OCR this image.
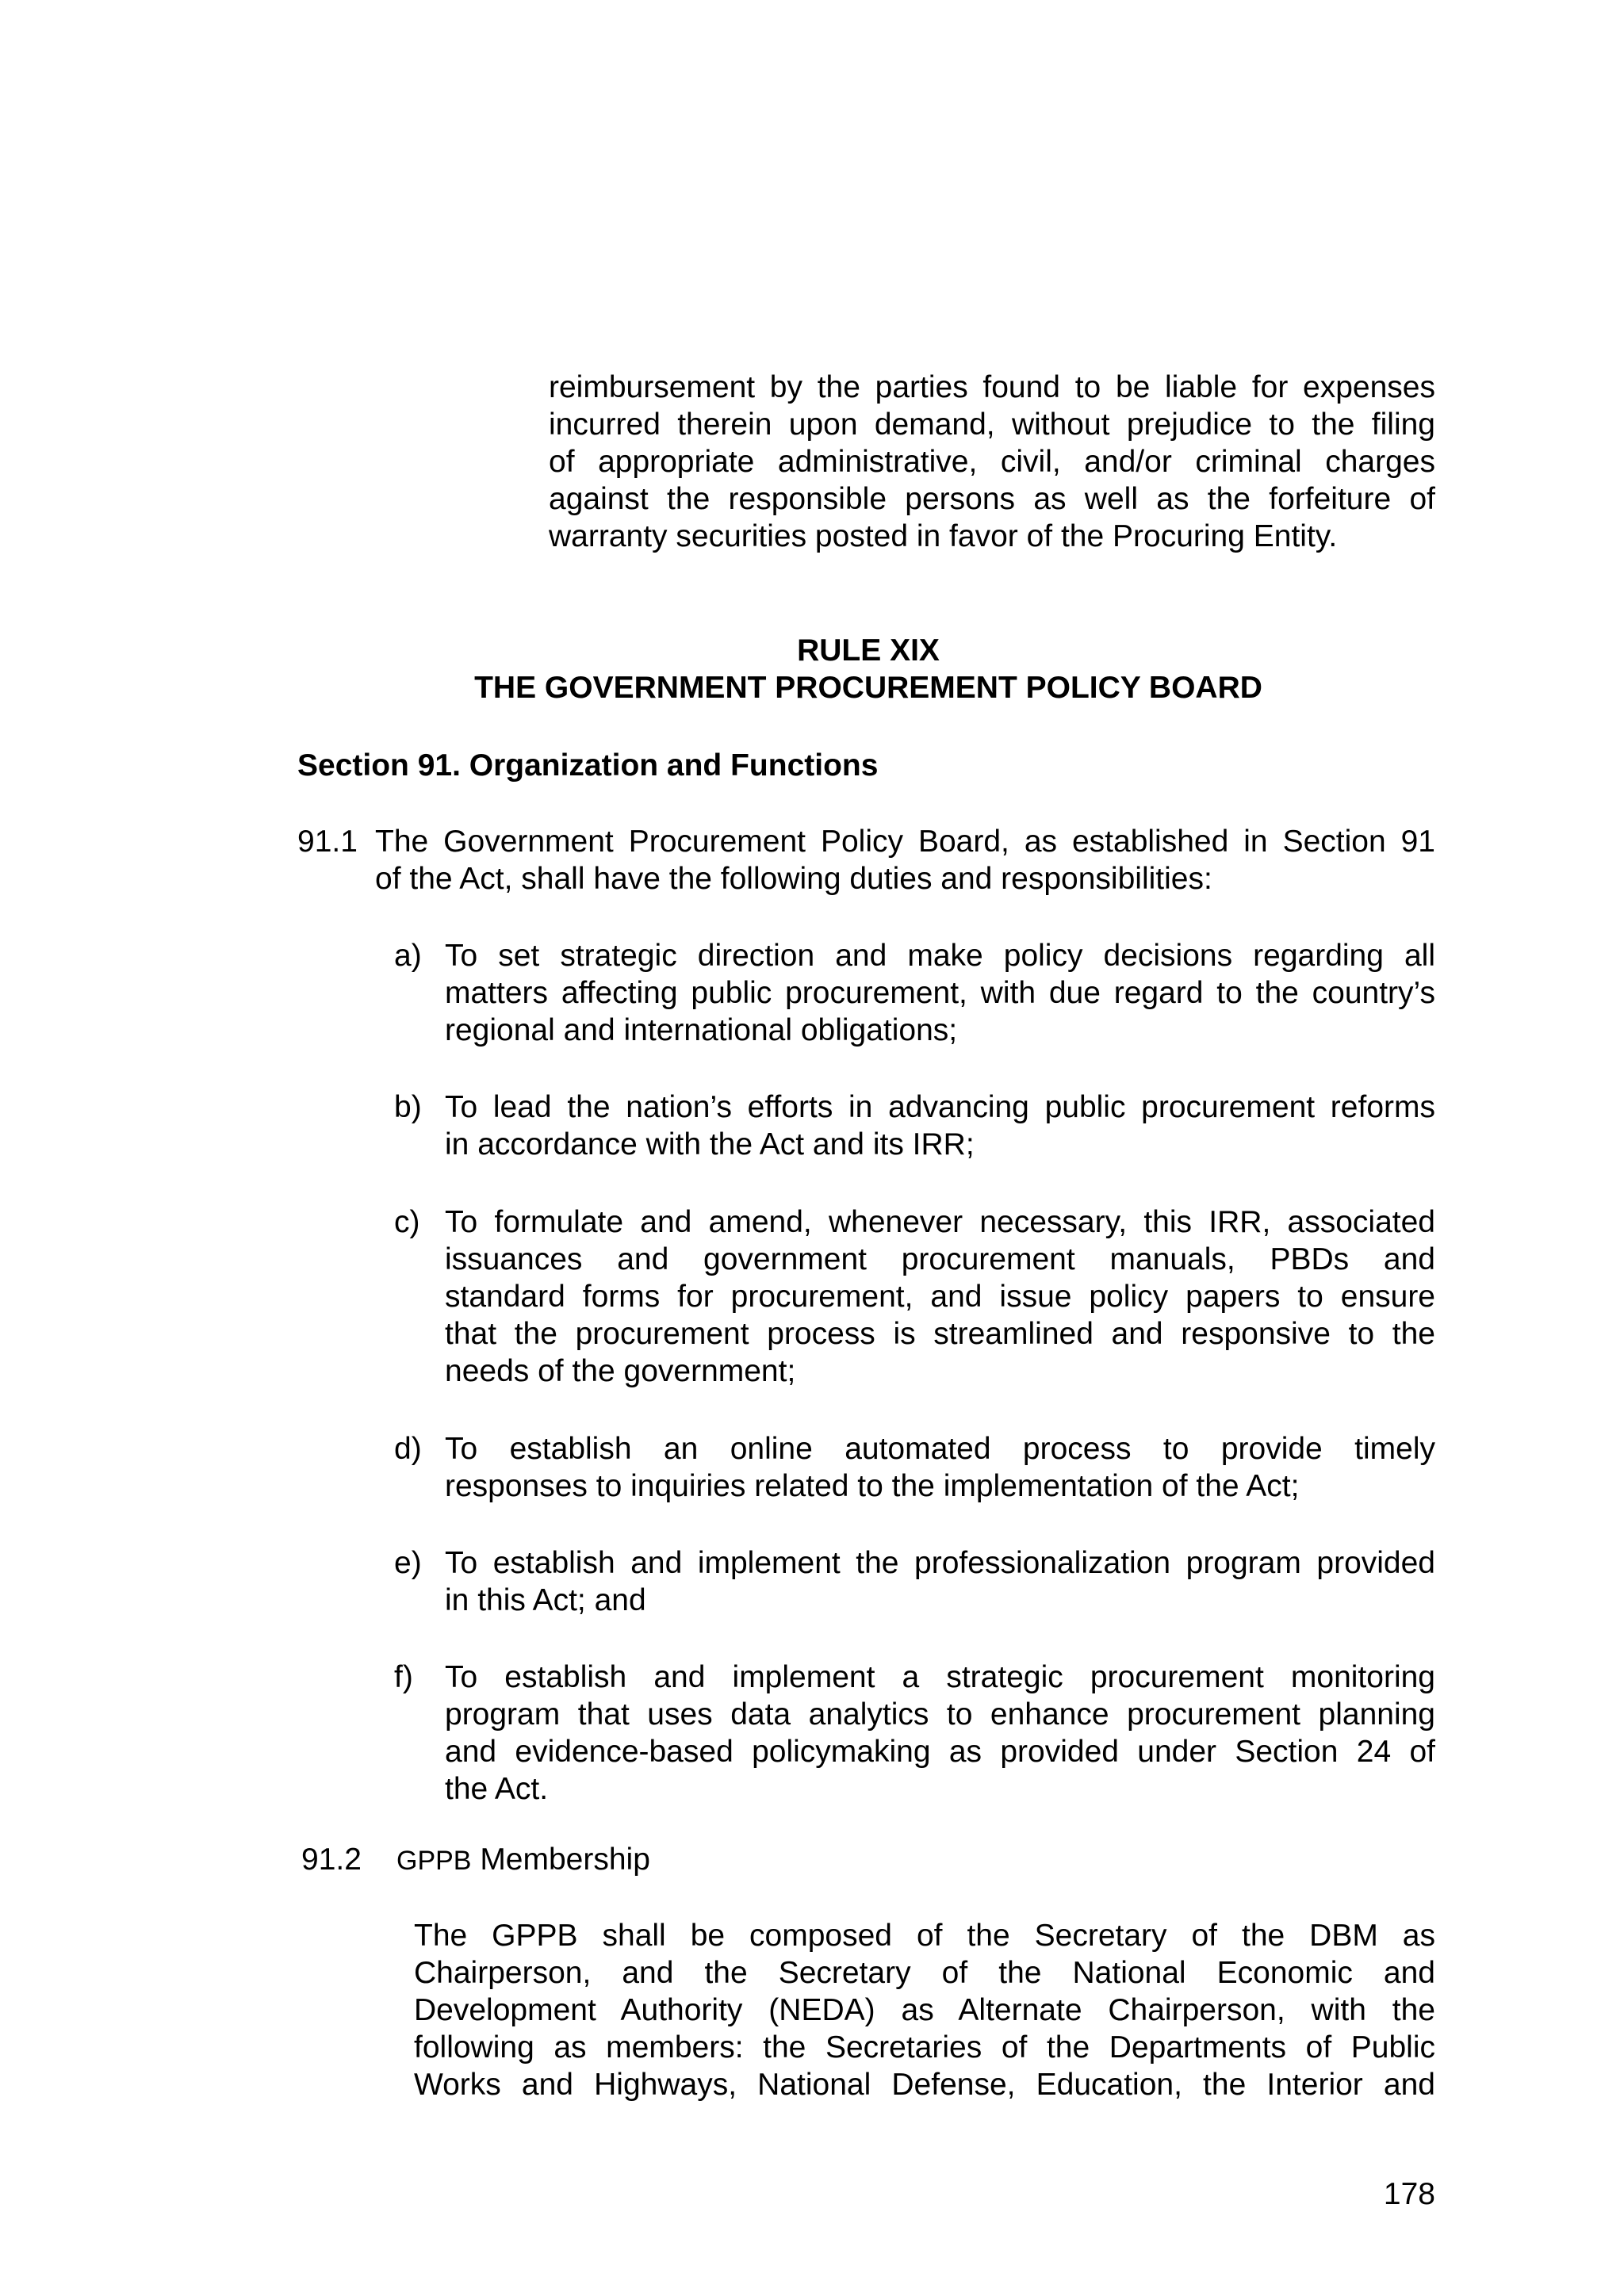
reimbursement by the parties found to be liable for expenses
incurred therein upon demand, without prejudice to the filing
of appropriate administrative, civil, and/or criminal charges
against the responsible persons as well as the forfeiture of
warranty securities posted in favor of the Procuring Entity.
RULE XIX
THE GOVERNMENT PROCUREMENT POLICY BOARD
Section 91. Organization and Functions
91.1 The Government Procurement Policy Board, as established in Section 91
of the Act, shall have the following duties and responsibilities:
a) To set strategic direction and make policy decisions regarding all
matters affecting public procurement, with due regard to the country’s
regional and international obligations;
b) To lead the nation’s efforts in advancing public procurement reforms
in accordance with the Act and its IRR;
c) To formulate and amend, whenever necessary, this IRR, associated
issuances and government procurement manuals, PBDs and
standard forms for procurement, and issue policy papers to ensure
that the procurement process is streamlined and responsive to the
needs of the government;
d) To establish an online automated process to provide timely
responses to inquiries related to the implementation of the Act;
e) To establish and implement the professionalization program provided
in this Act; and
f) To establish and implement a strategic procurement monitoring
program that uses data analytics to enhance procurement planning
and evidence-based policymaking as provided under Section 24 of
the Act.
91.2 GPPB Membership
The GPPB shall be composed of the Secretary of the DBM as
Chairperson, and the Secretary of the National Economic and
Development Authority (NEDA) as Alternate Chairperson, with the
following as members: the Secretaries of the Departments of Public
Works and Highways, National Defense, Education, the Interior and
178
